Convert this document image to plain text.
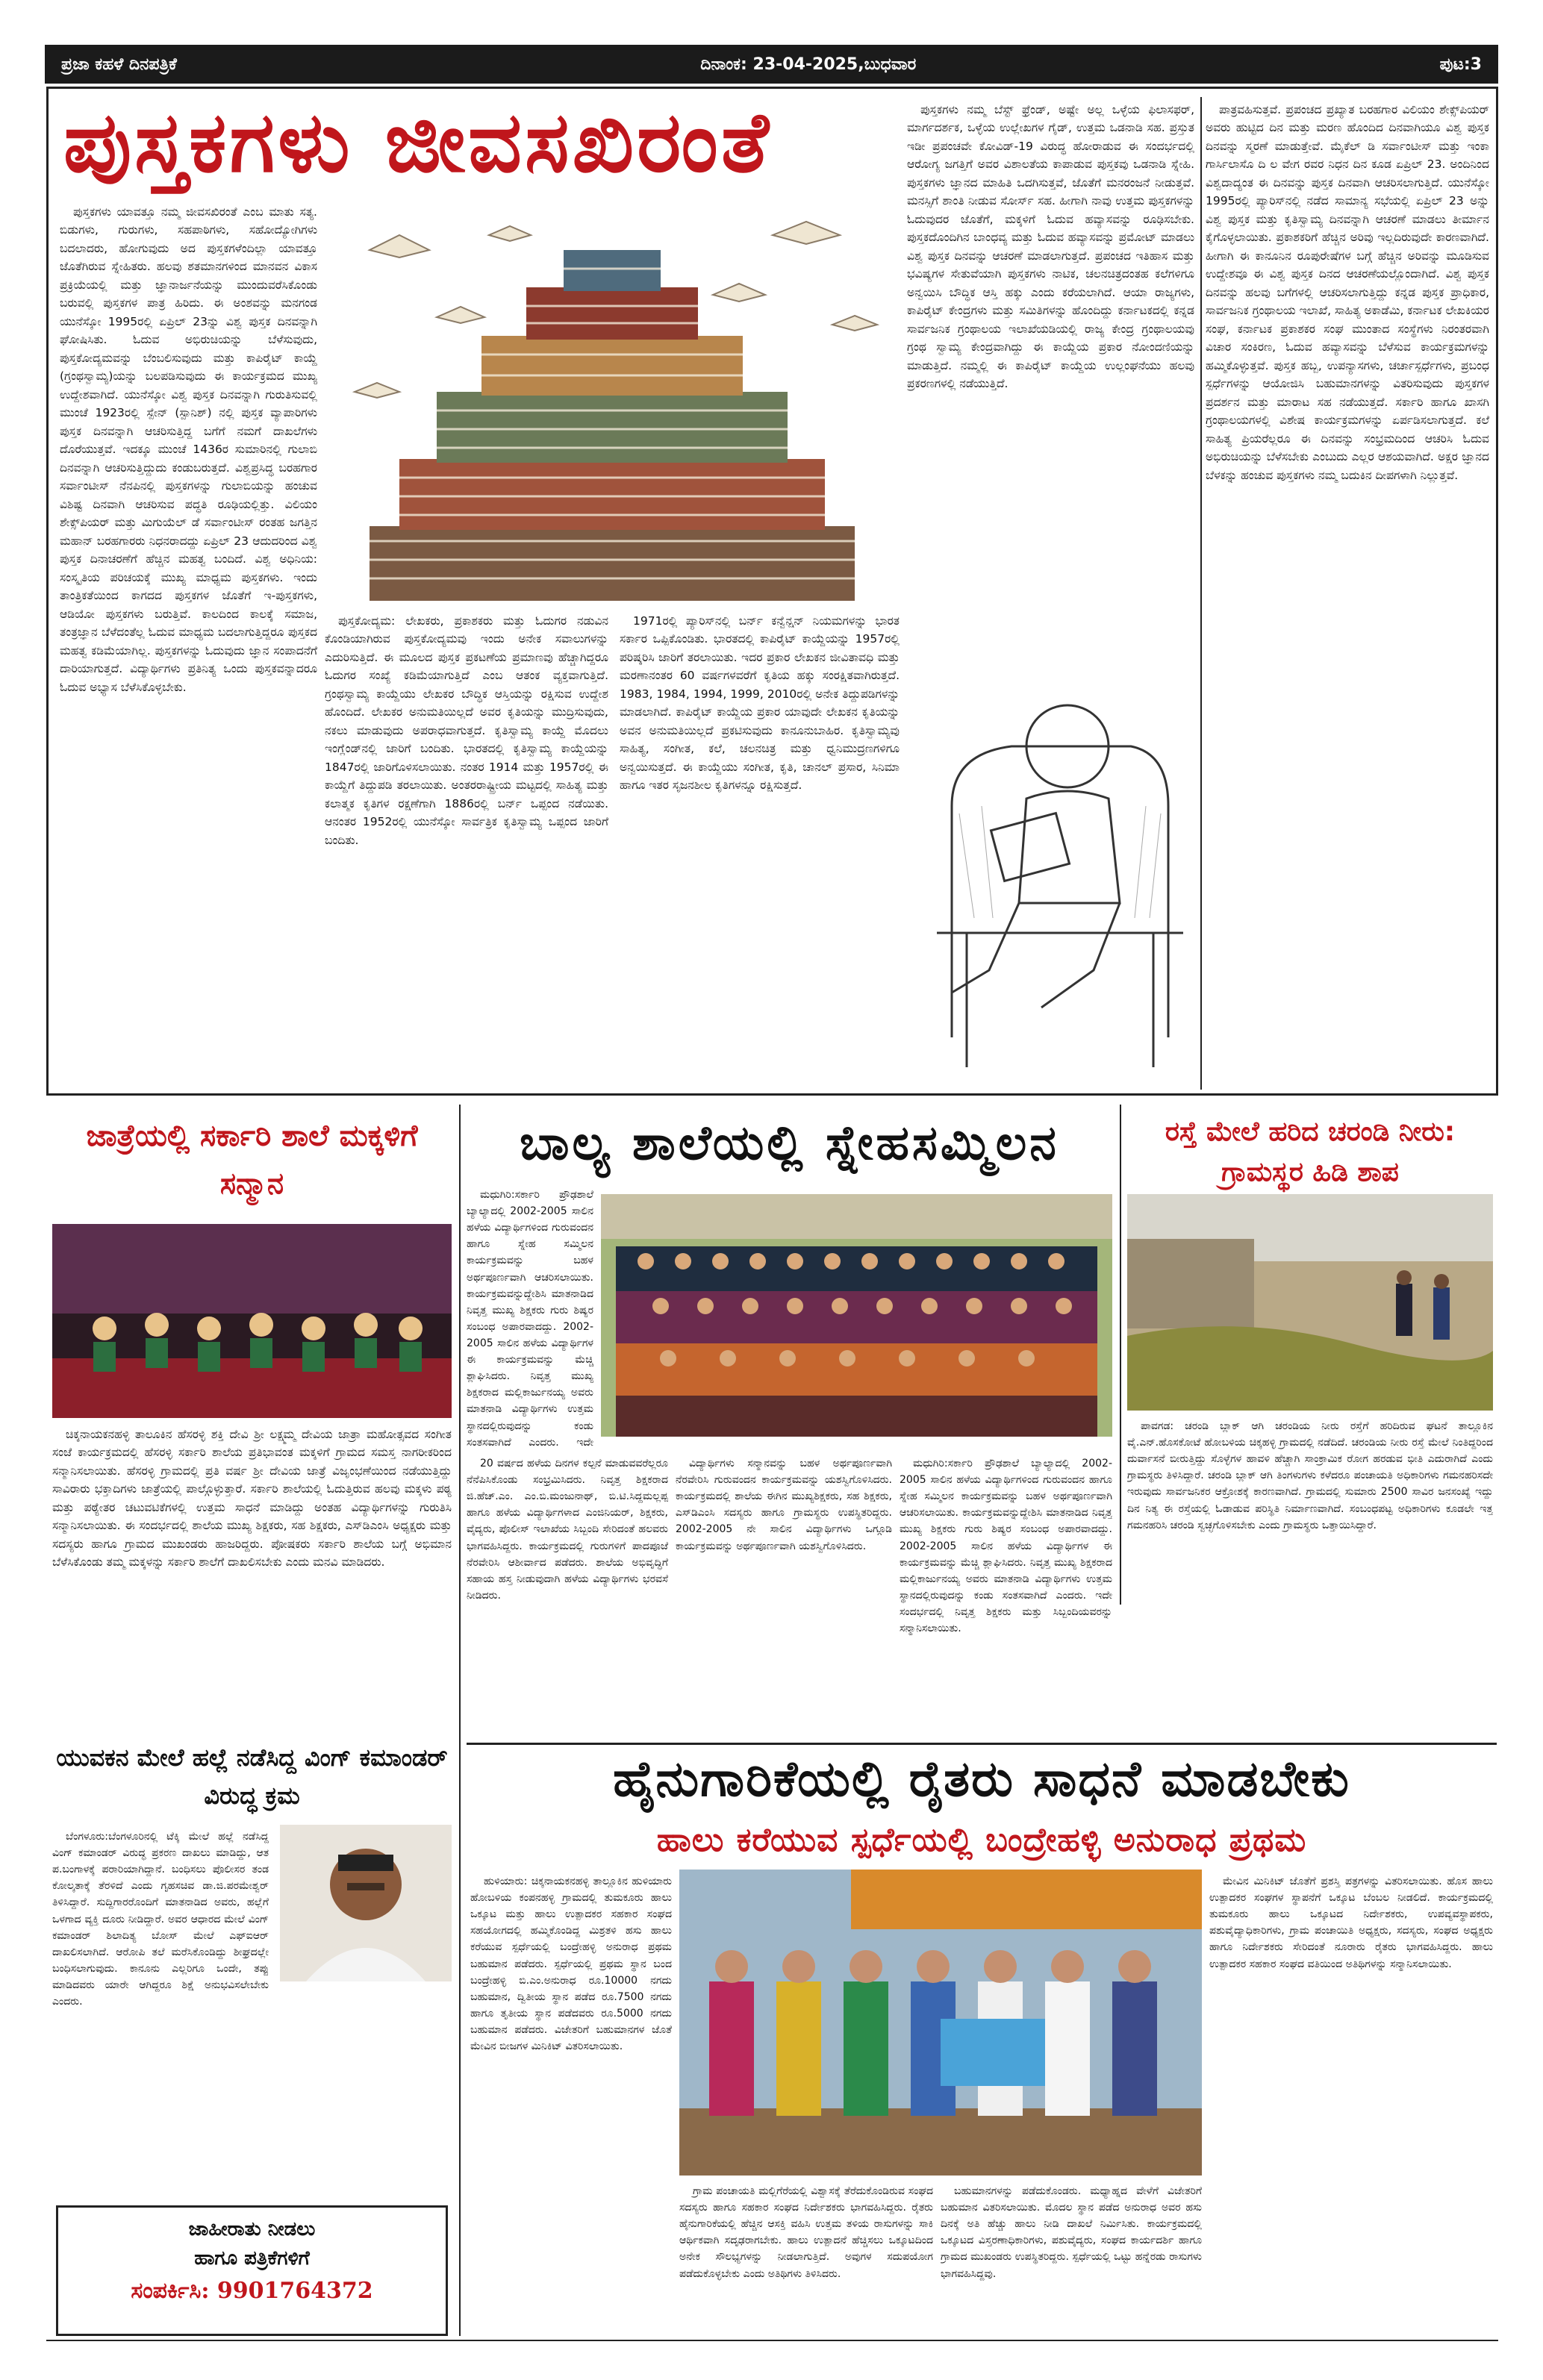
ಪ್ರಜಾ ಕಹಳೆ ದಿನಪತ್ರಿಕೆ	ದಿನಾಂಕ: 23-04-2025,ಬುಧವಾರ	ಪುಟ:3
ಪುಸ್ತಕಗಳು ಜೀವಸಖಿರಂತೆ

ಪುಸ್ತಕಗಳು ಯಾವತ್ತೂ ನಮ್ಮ ಜೀವಸಖಿರಂತೆ ಎಂಬ ಮಾತು ಸತ್ಯ. ಬಿಡುಗಳು, ಗುರುಗಳು, ಸಹಪಾಠಿಗಳು, ಸಹೋದ್ಯೋಗಿಗಳು ಬದಲಾದರು, ಹೋಗುವುದು ಅದ ಪುಸ್ತಕಗಳೆಂದಿಲ್ಲಾ ಯಾವತ್ತೂ ಜೊತೆಗಿರುವ ಸ್ನೇಹಿತರು. ಹಲವು ಶತಮಾನಗಳಿಂದ ಮಾನವನ ವಿಕಾಸ ಪ್ರಕ್ರಿಯೆಯಲ್ಲಿ ಮತ್ತು ಜ್ಞಾನಾರ್ಜನೆಯನ್ನು ಮುಂದುವರೆಸಿಕೊಂಡು ಬರುವಲ್ಲಿ ಪುಸ್ತಕಗಳ ಪಾತ್ರ ಹಿರಿದು. ಈ ಅಂಶವನ್ನು ಮನಗಂಡ ಯುನೆಸ್ಕೋ 1995ರಲ್ಲಿ ಏಪ್ರಿಲ್ 23ನ್ನು ವಿಶ್ವ ಪುಸ್ತಕ ದಿನವನ್ನಾಗಿ ಘೋಷಿಸಿತು. ಓದುವ ಅಭಿರುಚಿಯನ್ನು ಬೆಳೆಸುವುದು, ಪುಸ್ತಕೋದ್ಯಮವನ್ನು ಬೆಂಬಲಿಸುವುದು ಮತ್ತು ಕಾಪಿರೈಟ್ ಕಾಯ್ದೆ (ಗ್ರಂಥಸ್ವಾಮ್ಯ)ಯನ್ನು ಬಲಪಡಿಸುವುದು ಈ ಕಾರ್ಯಕ್ರಮದ ಮುಖ್ಯ ಉದ್ದೇಶವಾಗಿದೆ. ಯುನೆಸ್ಕೋ ವಿಶ್ವ ಪುಸ್ತಕ ದಿನವನ್ನಾಗಿ ಗುರುತಿಸುವಲ್ಲಿ ಮುಂಚೆ 1923ರಲ್ಲಿ ಸ್ಪೇನ್ (ಸ್ಪಾನಿಶ್) ನಲ್ಲಿ ಪುಸ್ತಕ ವ್ಯಾಪಾರಿಗಳು ಪುಸ್ತಕ ದಿನವನ್ನಾಗಿ ಆಚರಿಸುತ್ತಿದ್ದ ಬಗೆಗೆ ನಮಗೆ ದಾಖಲೆಗಳು ದೊರೆಯುತ್ತವೆ. ಇದಕ್ಕೂ ಮುಂಚೆ 1436ರ ಸುಮಾರಿನಲ್ಲಿ ಗುಲಾಬಿ ದಿನವನ್ನಾಗಿ ಆಚರಿಸುತ್ತಿದ್ದುದು ಕಂಡುಬರುತ್ತದೆ. ವಿಶ್ವಪ್ರಸಿದ್ಧ ಬರಹಗಾರ ಸರ್ವಾಂಟೀಸ್ ನೆನಪಿನಲ್ಲಿ ಪುಸ್ತಕಗಳನ್ನು ಗುಲಾಬಿಯನ್ನು ಹಂಚುವ ವಿಶಿಷ್ಟ ದಿನವಾಗಿ ಆಚರಿಸುವ ಪದ್ಧತಿ ರೂಢಿಯಲ್ಲಿತ್ತು. ವಿಲಿಯಂ ಶೇಕ್ಸ್‌ಪಿಯರ್ ಮತ್ತು ಮಿಗುಯೆಲ್ ಡೆ ಸರ್ವಾಂಟೀಸ್ ರಂತಹ ಜಗತ್ತಿನ ಮಹಾನ್ ಬರಹಗಾರರು ನಿಧನರಾದದ್ದು ಏಪ್ರಿಲ್ 23 ಆದುದರಿಂದ ವಿಶ್ವ ಪುಸ್ತಕ ದಿನಾಚರಣೆಗೆ ಹೆಚ್ಚಿನ ಮಹತ್ವ ಬಂದಿದೆ. ವಿಶ್ವ ಅಧಿನಿಯ: ಸಂಸ್ಕೃತಿಯ ಪರಿಚಯಕ್ಕೆ ಮುಖ್ಯ ಮಾಧ್ಯಮ ಪುಸ್ತಕಗಳು. ಇಂದು ತಾಂತ್ರಿಕತೆಯಿಂದ ಕಾಗದದ ಪುಸ್ತಕಗಳ ಜೊತೆಗೆ ಇ-ಪುಸ್ತಕಗಳು, ಆಡಿಯೋ ಪುಸ್ತಕಗಳು ಬರುತ್ತಿವೆ. ಕಾಲದಿಂದ ಕಾಲಕ್ಕೆ ಸಮಾಜ, ತಂತ್ರಜ್ಞಾನ ಬೆಳೆದಂತೆಲ್ಲ ಓದುವ ಮಾಧ್ಯಮ ಬದಲಾಗುತ್ತಿದ್ದರೂ ಪುಸ್ತಕದ ಮಹತ್ವ ಕಡಿಮೆಯಾಗಿಲ್ಲ. ಪುಸ್ತಕಗಳನ್ನು ಓದುವುದು ಜ್ಞಾನ ಸಂಪಾದನೆಗೆ ದಾರಿಯಾಗುತ್ತದೆ. ವಿದ್ಯಾರ್ಥಿಗಳು ಪ್ರತಿನಿತ್ಯ ಒಂದು ಪುಸ್ತಕವನ್ನಾದರೂ ಓದುವ ಅಭ್ಯಾಸ ಬೆಳೆಸಿಕೊಳ್ಳಬೇಕು.

ಪುಸ್ತಕೋದ್ಯಮ: ಲೇಖಕರು, ಪ್ರಕಾಶಕರು ಮತ್ತು ಓದುಗರ ನಡುವಿನ ಕೊಂಡಿಯಾಗಿರುವ ಪುಸ್ತಕೋದ್ಯಮವು ಇಂದು ಅನೇಕ ಸವಾಲುಗಳನ್ನು ಎದುರಿಸುತ್ತಿದೆ. ಈ ಮೂಲದ ಪುಸ್ತಕ ಪ್ರಕಟಣೆಯ ಪ್ರಮಾಣವು ಹೆಚ್ಚಾಗಿದ್ದರೂ ಓದುಗರ ಸಂಖ್ಯೆ ಕಡಿಮೆಯಾಗುತ್ತಿದೆ ಎಂಬ ಆತಂಕ ವ್ಯಕ್ತವಾಗುತ್ತಿದೆ. ಗ್ರಂಥಸ್ವಾಮ್ಯ ಕಾಯ್ದೆಯು ಲೇಖಕರ ಬೌದ್ಧಿಕ ಆಸ್ತಿಯನ್ನು ರಕ್ಷಿಸುವ ಉದ್ದೇಶ ಹೊಂದಿದೆ. ಲೇಖಕರ ಅನುಮತಿಯಿಲ್ಲದೆ ಅವರ ಕೃತಿಯನ್ನು ಮುದ್ರಿಸುವುದು, ನಕಲು ಮಾಡುವುದು ಅಪರಾಧವಾಗುತ್ತದೆ. ಕೃತಿಸ್ವಾಮ್ಯ ಕಾಯ್ದೆ ಮೊದಲು ಇಂಗ್ಲೆಂಡ್‌ನಲ್ಲಿ ಜಾರಿಗೆ ಬಂದಿತು. ಭಾರತದಲ್ಲಿ ಕೃತಿಸ್ವಾಮ್ಯ ಕಾಯ್ದೆಯನ್ನು 1847ರಲ್ಲಿ ಜಾರಿಗೊಳಿಸಲಾಯಿತು. ನಂತರ 1914 ಮತ್ತು 1957ರಲ್ಲಿ ಈ ಕಾಯ್ದೆಗೆ ತಿದ್ದುಪಡಿ ತರಲಾಯಿತು. ಅಂತರರಾಷ್ಟ್ರೀಯ ಮಟ್ಟದಲ್ಲಿ ಸಾಹಿತ್ಯ ಮತ್ತು ಕಲಾತ್ಮಕ ಕೃತಿಗಳ ರಕ್ಷಣೆಗಾಗಿ 1886ರಲ್ಲಿ ಬರ್ನ್ ಒಪ್ಪಂದ ನಡೆಯಿತು. ಆನಂತರ 1952ರಲ್ಲಿ ಯುನೆಸ್ಕೋ ಸಾರ್ವತ್ರಿಕ ಕೃತಿಸ್ವಾಮ್ಯ ಒಪ್ಪಂದ ಜಾರಿಗೆ ಬಂದಿತು.

1971ರಲ್ಲಿ ಪ್ಯಾರಿಸ್‌ನಲ್ಲಿ ಬರ್ನ್ ಕನ್ವೆನ್ಷನ್ ನಿಯಮಗಳನ್ನು ಭಾರತ ಸರ್ಕಾರ ಒಪ್ಪಿಕೊಂಡಿತು. ಭಾರತದಲ್ಲಿ ಕಾಪಿರೈಟ್ ಕಾಯ್ದೆಯನ್ನು 1957ರಲ್ಲಿ ಪರಿಷ್ಕರಿಸಿ ಜಾರಿಗೆ ತರಲಾಯಿತು. ಇದರ ಪ್ರಕಾರ ಲೇಖಕನ ಜೀವಿತಾವಧಿ ಮತ್ತು ಮರಣಾನಂತರ 60 ವರ್ಷಗಳವರೆಗೆ ಕೃತಿಯ ಹಕ್ಕು ಸಂರಕ್ಷಿತವಾಗಿರುತ್ತದೆ. 1983, 1984, 1994, 1999, 2010ರಲ್ಲಿ ಅನೇಕ ತಿದ್ದುಪಡಿಗಳನ್ನು ಮಾಡಲಾಗಿದೆ. ಕಾಪಿರೈಟ್ ಕಾಯ್ದೆಯ ಪ್ರಕಾರ ಯಾವುದೇ ಲೇಖಕನ ಕೃತಿಯನ್ನು ಅವನ ಅನುಮತಿಯಿಲ್ಲದೆ ಪ್ರಕಟಿಸುವುದು ಕಾನೂನುಬಾಹಿರ. ಕೃತಿಸ್ವಾಮ್ಯವು ಸಾಹಿತ್ಯ, ಸಂಗೀತ, ಕಲೆ, ಚಲನಚಿತ್ರ ಮತ್ತು ಧ್ವನಿಮುದ್ರಣಗಳಿಗೂ ಅನ್ವಯಿಸುತ್ತದೆ. ಈ ಕಾಯ್ದೆಯು ಸಂಗೀತ, ಕೃತಿ, ಚಾನಲ್ ಪ್ರಸಾರ, ಸಿನಿಮಾ ಹಾಗೂ ಇತರ ಸೃಜನಶೀಲ ಕೃತಿಗಳನ್ನೂ ರಕ್ಷಿಸುತ್ತದೆ.

ಪುಸ್ತಕಗಳು ನಮ್ಮ ಬೆಸ್ಟ್ ಫ್ರೆಂಡ್, ಅಷ್ಟೇ ಅಲ್ಲ ಒಳ್ಳೆಯ ಫಿಲಾಸಫರ್, ಮಾರ್ಗದರ್ಶಕ, ಒಳ್ಳೆಯ ಉಲ್ಲೇಖಗಳ ಗೈಡ್, ಉತ್ತಮ ಒಡನಾಡಿ ಸಹ. ಪ್ರಸ್ತುತ ಇಡೀ ಪ್ರಪಂಚವೇ ಕೋವಿಡ್-19 ವಿರುದ್ಧ ಹೋರಾಡುವ ಈ ಸಂದರ್ಭದಲ್ಲಿ ಆರೋಗ್ಯ ಜಗತ್ತಿಗೆ ಅವರ ವಿಶಾಲತೆಯ ಕಾಪಾಡುವ ಪುಸ್ತಕವು ಒಡನಾಡಿ ಸ್ನೇಹಿ. ಪುಸ್ತಕಗಳು ಜ್ಞಾನದ ಮಾಹಿತಿ ಒದಗಿಸುತ್ತವೆ, ಜೊತೆಗೆ ಮನರಂಜನೆ ನೀಡುತ್ತವೆ. ಮನಸ್ಸಿಗೆ ಶಾಂತಿ ನೀಡುವ ಸೋರ್ಸ್ ಸಹ. ಹೀಗಾಗಿ ನಾವು ಉತ್ತಮ ಪುಸ್ತಕಗಳನ್ನು ಓದುವುದರ ಜೊತೆಗೆ, ಮಕ್ಕಳಿಗೆ ಓದುವ ಹವ್ಯಾಸವನ್ನು ರೂಢಿಸಬೇಕು. ಪುಸ್ತಕದೊಂದಿಗಿನ ಬಾಂಧವ್ಯ ಮತ್ತು ಓದುವ ಹವ್ಯಾಸವನ್ನು ಪ್ರಮೋಟ್ ಮಾಡಲು ವಿಶ್ವ ಪುಸ್ತಕ ದಿನವನ್ನು ಆಚರಣೆ ಮಾಡಲಾಗುತ್ತದೆ. ಪ್ರಪಂಚದ ಇತಿಹಾಸ ಮತ್ತು ಭವಿಷ್ಯಗಳ ಸೇತುವೆಯಾಗಿ ಪುಸ್ತಕಗಳು ನಾಟಿಕ, ಚಲನಚಿತ್ರದಂತಹ ಕಲೆಗಳಿಗೂ ಅನ್ವಯಿಸಿ ಬೌದ್ಧಿಕ ಆಸ್ತಿ ಹಕ್ಕು ಎಂದು ಕರೆಯಲಾಗಿದೆ. ಆಯಾ ರಾಜ್ಯಗಳು, ಕಾಪಿರೈಟ್ ಕೇಂದ್ರಗಳು ಮತ್ತು ಸಮಿತಿಗಳನ್ನು ಹೊಂದಿದ್ದು ಕರ್ನಾಟಕದಲ್ಲಿ ಕನ್ನಡ ಸಾರ್ವಜನಿಕ ಗ್ರಂಥಾಲಯ ಇಲಾಖೆಯಡಿಯಲ್ಲಿ ರಾಜ್ಯ ಕೇಂದ್ರ ಗ್ರಂಥಾಲಯವು ಗ್ರಂಥ ಸ್ವಾಮ್ಯ ಕೇಂದ್ರವಾಗಿದ್ದು ಈ ಕಾಯ್ದೆಯ ಪ್ರಕಾರ ನೋಂದಣಿಯನ್ನು ಮಾಡುತ್ತಿದೆ. ನಮ್ಮಲ್ಲಿ ಈ ಕಾಪಿರೈಟ್ ಕಾಯ್ದೆಯ ಉಲ್ಲಂಘನೆಯು ಹಲವು ಪ್ರಕರಣಗಳಲ್ಲಿ ನಡೆಯುತ್ತಿದೆ.

ಪಾತ್ರವಹಿಸುತ್ತವೆ. ಪ್ರಪಂಚದ ಪ್ರಖ್ಯಾತ ಬರಹಗಾರ ವಿಲಿಯಂ ಶೇಕ್ಸ್‌ಪಿಯರ್ ಅವರು ಹುಟ್ಟಿದ ದಿನ ಮತ್ತು ಮರಣ ಹೊಂದಿದ ದಿನವಾಗಿಯೂ ವಿಶ್ವ ಪುಸ್ತಕ ದಿನವನ್ನು ಸ್ಮರಣೆ ಮಾಡುತ್ತೇವೆ. ಮೈಕೆಲ್ ಡಿ ಸರ್ವಾಂಟೀಸ್ ಮತ್ತು ಇಂಕಾ ಗಾರ್ಸಿಲಾಸೊ ದಿ ಲ ವೇಗ ರವರ ನಿಧನ ದಿನ ಕೂಡ ಏಪ್ರಿಲ್ 23. ಅಂದಿನಿಂದ ವಿಶ್ವದಾದ್ಯಂತ ಈ ದಿನವನ್ನು ಪುಸ್ತಕ ದಿನವಾಗಿ ಆಚರಿಸಲಾಗುತ್ತಿದೆ. ಯುನೆಸ್ಕೋ 1995ರಲ್ಲಿ ಪ್ಯಾರಿಸ್‌ನಲ್ಲಿ ನಡೆದ ಸಾಮಾನ್ಯ ಸಭೆಯಲ್ಲಿ ಏಪ್ರಿಲ್ 23 ಅನ್ನು ವಿಶ್ವ ಪುಸ್ತಕ ಮತ್ತು ಕೃತಿಸ್ವಾಮ್ಯ ದಿನವನ್ನಾಗಿ ಆಚರಣೆ ಮಾಡಲು ತೀರ್ಮಾನ ಕೈಗೊಳ್ಳಲಾಯಿತು. ಪ್ರಕಾಶಕರಿಗೆ ಹೆಚ್ಚಿನ ಅರಿವು ಇಲ್ಲದಿರುವುದೇ ಕಾರಣವಾಗಿದೆ. ಹೀಗಾಗಿ ಈ ಕಾನೂನಿನ ರೂಪುರೇಷೆಗಳ ಬಗ್ಗೆ ಹೆಚ್ಚಿನ ಅರಿವನ್ನು ಮೂಡಿಸುವ ಉದ್ದೇಶವೂ ಈ ವಿಶ್ವ ಪುಸ್ತಕ ದಿನದ ಆಚರಣೆಯಲ್ಲೊಂದಾಗಿದೆ. ವಿಶ್ವ ಪುಸ್ತಕ ದಿನವನ್ನು ಹಲವು ಬಗೆಗಳಲ್ಲಿ ಆಚರಿಸಲಾಗುತ್ತಿದ್ದು ಕನ್ನಡ ಪುಸ್ತಕ ಪ್ರಾಧಿಕಾರ, ಸಾರ್ವಜನಿಕ ಗ್ರಂಥಾಲಯ ಇಲಾಖೆ, ಸಾಹಿತ್ಯ ಅಕಾಡೆಮಿ, ಕರ್ನಾಟಕ ಲೇಖಕಿಯರ ಸಂಘ, ಕರ್ನಾಟಕ ಪ್ರಕಾಶಕರ ಸಂಘ ಮುಂತಾದ ಸಂಸ್ಥೆಗಳು ನಿರಂತರವಾಗಿ ವಿಚಾರ ಸಂಕಿರಣ, ಓದುವ ಹವ್ಯಾಸವನ್ನು ಬೆಳೆಸುವ ಕಾರ್ಯಕ್ರಮಗಳನ್ನು ಹಮ್ಮಿಕೊಳ್ಳುತ್ತವೆ. ಪುಸ್ತಕ ಹಬ್ಬ, ಉಪನ್ಯಾಸಗಳು, ಚರ್ಚಾಸ್ಪರ್ಧೆಗಳು, ಪ್ರಬಂಧ ಸ್ಪರ್ಧೆಗಳನ್ನು ಆಯೋಜಿಸಿ ಬಹುಮಾನಗಳನ್ನು ವಿತರಿಸುವುದು ಪುಸ್ತಕಗಳ ಪ್ರದರ್ಶನ ಮತ್ತು ಮಾರಾಟ ಸಹ ನಡೆಯುತ್ತದೆ. ಸರ್ಕಾರಿ ಹಾಗೂ ಖಾಸಗಿ ಗ್ರಂಥಾಲಯಗಳಲ್ಲಿ ವಿಶೇಷ ಕಾರ್ಯಕ್ರಮಗಳನ್ನು ಏರ್ಪಡಿಸಲಾಗುತ್ತದೆ. ಕಲೆ ಸಾಹಿತ್ಯ ಪ್ರಿಯರೆಲ್ಲರೂ ಈ ದಿನವನ್ನು ಸಂಭ್ರಮದಿಂದ ಆಚರಿಸಿ ಓದುವ ಅಭಿರುಚಿಯನ್ನು ಬೆಳೆಸಬೇಕು ಎಂಬುದು ಎಲ್ಲರ ಆಶಯವಾಗಿದೆ. ಅಕ್ಷರ ಜ್ಞಾನದ ಬೆಳಕನ್ನು ಹಂಚುವ ಪುಸ್ತಕಗಳು ನಮ್ಮ ಬದುಕಿನ ದೀಪಗಳಾಗಿ ನಿಲ್ಲುತ್ತವೆ.

ಜಾತ್ರೆಯಲ್ಲಿ ಸರ್ಕಾರಿ ಶಾಲೆ ಮಕ್ಕಳಿಗೆ ಸನ್ಮಾನ

ಚಿಕ್ಕನಾಯಕನಹಳ್ಳಿ ತಾಲೂಕಿನ ಹೆಸರಳ್ಳಿ ಶಕ್ತಿ ದೇವಿ ಶ್ರೀ ಲಕ್ಷ್ಮಮ್ಮ ದೇವಿಯ ಜಾತ್ರಾ ಮಹೋತ್ಸವದ ಸಂಗೀತ ಸಂಜೆ ಕಾರ್ಯಕ್ರಮದಲ್ಲಿ ಹೆಸರಳ್ಳಿ ಸರ್ಕಾರಿ ಶಾಲೆಯ ಪ್ರತಿಭಾವಂತ ಮಕ್ಕಳಿಗೆ ಗ್ರಾಮದ ಸಮಸ್ತ ನಾಗರೀಕರಿಂದ ಸನ್ಮಾನಿಸಲಾಯಿತು. ಹೆಸರಳ್ಳಿ ಗ್ರಾಮದಲ್ಲಿ ಪ್ರತಿ ವರ್ಷ ಶ್ರೀ ದೇವಿಯ ಜಾತ್ರೆ ವಿಜೃಂಭಣೆಯಿಂದ ನಡೆಯುತ್ತಿದ್ದು ಸಾವಿರಾರು ಭಕ್ತಾದಿಗಳು ಜಾತ್ರೆಯಲ್ಲಿ ಪಾಲ್ಗೊಳ್ಳುತ್ತಾರೆ. ಸರ್ಕಾರಿ ಶಾಲೆಯಲ್ಲಿ ಓದುತ್ತಿರುವ ಹಲವು ಮಕ್ಕಳು ಪಠ್ಯ ಮತ್ತು ಪಠ್ಯೇತರ ಚಟುವಟಿಕೆಗಳಲ್ಲಿ ಉತ್ತಮ ಸಾಧನೆ ಮಾಡಿದ್ದು ಅಂತಹ ವಿದ್ಯಾರ್ಥಿಗಳನ್ನು ಗುರುತಿಸಿ ಸನ್ಮಾನಿಸಲಾಯಿತು. ಈ ಸಂದರ್ಭದಲ್ಲಿ ಶಾಲೆಯ ಮುಖ್ಯ ಶಿಕ್ಷಕರು, ಸಹ ಶಿಕ್ಷಕರು, ಎಸ್‌ಡಿಎಂಸಿ ಅಧ್ಯಕ್ಷರು ಮತ್ತು ಸದಸ್ಯರು ಹಾಗೂ ಗ್ರಾಮದ ಮುಖಂಡರು ಹಾಜರಿದ್ದರು. ಪೋಷಕರು ಸರ್ಕಾರಿ ಶಾಲೆಯ ಬಗ್ಗೆ ಅಭಿಮಾನ ಬೆಳೆಸಿಕೊಂಡು ತಮ್ಮ ಮಕ್ಕಳನ್ನು ಸರ್ಕಾರಿ ಶಾಲೆಗೆ ದಾಖಲಿಸಬೇಕು ಎಂದು ಮನವಿ ಮಾಡಿದರು.

ಬಾಲ್ಯ ಶಾಲೆಯಲ್ಲಿ ಸ್ನೇಹಸಮ್ಮಿಲನ

ಮಧುಗಿರಿ:ಸರ್ಕಾರಿ ಪ್ರೌಢಶಾಲೆ ಬ್ಯಾಲ್ಯಾದಲ್ಲಿ 2002-2005 ಸಾಲಿನ ಹಳೆಯ ವಿದ್ಯಾರ್ಥಿಗಳಿಂದ ಗುರುವಂದನ ಹಾಗೂ ಸ್ನೇಹ ಸಮ್ಮಿಲನ ಕಾರ್ಯಕ್ರಮವನ್ನು ಬಹಳ ಅರ್ಥಪೂರ್ಣವಾಗಿ ಆಚರಿಸಲಾಯಿತು. ಕಾರ್ಯಕ್ರಮವನ್ನುದ್ದೇಶಿಸಿ ಮಾತನಾಡಿದ ನಿವೃತ್ತ ಮುಖ್ಯ ಶಿಕ್ಷಕರು ಗುರು ಶಿಷ್ಯರ ಸಂಬಂಧ ಅಪಾರವಾದದ್ದು. 2002-2005 ಸಾಲಿನ ಹಳೆಯ ವಿದ್ಯಾರ್ಥಿಗಳ ಈ ಕಾರ್ಯಕ್ರಮವನ್ನು ಮೆಚ್ಚಿ ಶ್ಲಾಘಿಸಿದರು. ನಿವೃತ್ತ ಮುಖ್ಯ ಶಿಕ್ಷಕರಾದ ಮಲ್ಲಿಕಾರ್ಜುನಯ್ಯ ಅವರು ಮಾತನಾಡಿ ವಿದ್ಯಾರ್ಥಿಗಳು ಉತ್ತಮ ಸ್ಥಾನದಲ್ಲಿರುವುದನ್ನು ಕಂಡು ಸಂತಸವಾಗಿದೆ ಎಂದರು. ಇದೇ

20 ವರ್ಷದ ಹಳೆಯ ದಿನಗಳ ಕಲ್ಪನೆ ಮಾಡುವವರೆಲ್ಲರೂ ನೆನೆಪಿಸಿಕೊಂಡು ಸಂಭ್ರಮಿಸಿದರು. ನಿವೃತ್ತ ಶಿಕ್ಷಕರಾದ ಜಿ.ಹೆಚ್.ಎಂ. ಎಂ.ಬಿ.ಮಂಜುನಾಥ್, ಬಿ.ಟಿ.ಸಿದ್ದಮಲ್ಲಪ್ಪ ಹಾಗೂ ಹಳೆಯ ವಿದ್ಯಾರ್ಥಿಗಳಾದ ಎಂಜಿನಿಯರ್, ಶಿಕ್ಷಕರು, ವೈದ್ಯರು, ಪೊಲೀಸ್ ಇಲಾಖೆಯ ಸಿಬ್ಬಂದಿ ಸೇರಿದಂತೆ ಹಲವರು ಭಾಗವಹಿಸಿದ್ದರು. ಕಾರ್ಯಕ್ರಮದಲ್ಲಿ ಗುರುಗಳಿಗೆ ಪಾದಪೂಜೆ ನೆರವೇರಿಸಿ ಆಶೀರ್ವಾದ ಪಡೆದರು. ಶಾಲೆಯ ಅಭಿವೃದ್ಧಿಗೆ ಸಹಾಯ ಹಸ್ತ ನೀಡುವುದಾಗಿ ಹಳೆಯ ವಿದ್ಯಾರ್ಥಿಗಳು ಭರವಸೆ ನೀಡಿದರು.

ವಿದ್ಯಾರ್ಥಿಗಳು ಸನ್ಮಾನವನ್ನು ಬಹಳ ಅರ್ಥಪೂರ್ಣವಾಗಿ ನೆರವೇರಿಸಿ ಗುರುವಂದನ ಕಾರ್ಯಕ್ರಮವನ್ನು ಯಶಸ್ವಿಗೊಳಿಸಿದರು. ಕಾರ್ಯಕ್ರಮದಲ್ಲಿ ಶಾಲೆಯ ಈಗಿನ ಮುಖ್ಯಶಿಕ್ಷಕರು, ಸಹ ಶಿಕ್ಷಕರು, ಎಸ್‌ಡಿಎಂಸಿ ಸದಸ್ಯರು ಹಾಗೂ ಗ್ರಾಮಸ್ಥರು ಉಪಸ್ಥಿತರಿದ್ದರು. 2002-2005 ನೇ ಸಾಲಿನ ವಿದ್ಯಾರ್ಥಿಗಳು ಒಗ್ಗೂಡಿ ಕಾರ್ಯಕ್ರಮವನ್ನು ಅರ್ಥಪೂರ್ಣವಾಗಿ ಯಶಸ್ವಿಗೊಳಿಸಿದರು.

ಮಧುಗಿರಿ:ಸರ್ಕಾರಿ ಪ್ರೌಢಶಾಲೆ ಬ್ಯಾಲ್ಯಾದಲ್ಲಿ 2002-2005 ಸಾಲಿನ ಹಳೆಯ ವಿದ್ಯಾರ್ಥಿಗಳಿಂದ ಗುರುವಂದನ ಹಾಗೂ ಸ್ನೇಹ ಸಮ್ಮಿಲನ ಕಾರ್ಯಕ್ರಮವನ್ನು ಬಹಳ ಅರ್ಥಪೂರ್ಣವಾಗಿ ಆಚರಿಸಲಾಯಿತು. ಕಾರ್ಯಕ್ರಮವನ್ನುದ್ದೇಶಿಸಿ ಮಾತನಾಡಿದ ನಿವೃತ್ತ ಮುಖ್ಯ ಶಿಕ್ಷಕರು ಗುರು ಶಿಷ್ಯರ ಸಂಬಂಧ ಅಪಾರವಾದದ್ದು. 2002-2005 ಸಾಲಿನ ಹಳೆಯ ವಿದ್ಯಾರ್ಥಿಗಳ ಈ ಕಾರ್ಯಕ್ರಮವನ್ನು ಮೆಚ್ಚಿ ಶ್ಲಾಘಿಸಿದರು. ನಿವೃತ್ತ ಮುಖ್ಯ ಶಿಕ್ಷಕರಾದ ಮಲ್ಲಿಕಾರ್ಜುನಯ್ಯ ಅವರು ಮಾತನಾಡಿ ವಿದ್ಯಾರ್ಥಿಗಳು ಉತ್ತಮ ಸ್ಥಾನದಲ್ಲಿರುವುದನ್ನು ಕಂಡು ಸಂತಸವಾಗಿದೆ ಎಂದರು. ಇದೇ ಸಂದರ್ಭದಲ್ಲಿ ನಿವೃತ್ತ ಶಿಕ್ಷಕರು ಮತ್ತು ಸಿಬ್ಬಂದಿಯವರನ್ನು ಸನ್ಮಾನಿಸಲಾಯಿತು.

ರಸ್ತೆ ಮೇಲೆ ಹರಿದ ಚರಂಡಿ ನೀರು: ಗ್ರಾಮಸ್ಥರ ಹಿಡಿ ಶಾಪ

ಪಾವಗಡ: ಚರಂಡಿ ಬ್ಲಾಕ್ ಆಗಿ ಚರಂಡಿಯ ನೀರು ರಸ್ತೆಗೆ ಹರಿದಿರುವ ಘಟನೆ ತಾಲ್ಲೂಕಿನ ವೈ.ಎನ್.ಹೊಸಕೋಟೆ ಹೋಬಳಿಯ ಚಿಕ್ಕಹಳ್ಳಿ ಗ್ರಾಮದಲ್ಲಿ ನಡೆದಿದೆ. ಚರಂಡಿಯ ನೀರು ರಸ್ತೆ ಮೇಲೆ ನಿಂತಿದ್ದರಿಂದ ದುರ್ವಾಸನೆ ಬೀರುತ್ತಿದ್ದು ಸೊಳ್ಳೆಗಳ ಹಾವಳಿ ಹೆಚ್ಚಾಗಿ ಸಾಂಕ್ರಾಮಿಕ ರೋಗ ಹರಡುವ ಭೀತಿ ಎದುರಾಗಿದೆ ಎಂದು ಗ್ರಾಮಸ್ಥರು ತಿಳಿಸಿದ್ದಾರೆ. ಚರಂಡಿ ಬ್ಲಾಕ್ ಆಗಿ ತಿಂಗಳುಗಳು ಕಳೆದರೂ ಪಂಚಾಯತಿ ಅಧಿಕಾರಿಗಳು ಗಮನಹರಿಸದೇ ಇರುವುದು ಸಾರ್ವಜನಿಕರ ಆಕ್ರೋಶಕ್ಕೆ ಕಾರಣವಾಗಿದೆ. ಗ್ರಾಮದಲ್ಲಿ ಸುಮಾರು 2500 ಸಾವಿರ ಜನಸಂಖ್ಯೆ ಇದ್ದು ದಿನ ನಿತ್ಯ ಈ ರಸ್ತೆಯಲ್ಲಿ ಓಡಾಡುವ ಪರಿಸ್ಥಿತಿ ನಿರ್ಮಾಣವಾಗಿದೆ. ಸಂಬಂಧಪಟ್ಟ ಅಧಿಕಾರಿಗಳು ಕೂಡಲೇ ಇತ್ತ ಗಮನಹರಿಸಿ ಚರಂಡಿ ಸ್ವಚ್ಛಗೊಳಿಸಬೇಕು ಎಂದು ಗ್ರಾಮಸ್ಥರು ಒತ್ತಾಯಿಸಿದ್ದಾರೆ.

ಯುವಕನ ಮೇಲೆ ಹಲ್ಲೆ ನಡೆಸಿದ್ದ ವಿಂಗ್ ಕಮಾಂಡರ್ ವಿರುದ್ಧ ಕ್ರಮ

ಬೆಂಗಳೂರು:ಬೆಂಗಳೂರಿನಲ್ಲಿ ಟೆಕ್ಕಿ ಮೇಲೆ ಹಲ್ಲೆ ನಡೆಸಿದ್ದ ವಿಂಗ್ ಕಮಾಂಡರ್ ವಿರುದ್ಧ ಪ್ರಕರಣ ದಾಖಲು ಮಾಡಿದ್ದು, ಆತ ಪ.ಬಂಗಾಳಕ್ಕೆ ಪರಾರಿಯಾಗಿದ್ದಾನೆ. ಬಂಧಿಸಲು ಪೊಲೀಸರ ತಂಡ ಕೋಲ್ಕತಾಕ್ಕೆ ತೆರಳಿದೆ ಎಂದು ಗೃಹಸಚಿವ ಡಾ.ಜಿ.ಪರಮೇಶ್ವರ್ ತಿಳಿಸಿದ್ದಾರೆ. ಸುದ್ದಿಗಾರರೊಂದಿಗೆ ಮಾತನಾಡಿದ ಅವರು, ಹಲ್ಲೆಗೆ ಒಳಗಾದ ವ್ಯಕ್ತಿ ದೂರು ನೀಡಿದ್ದಾರೆ. ಅವರ ಆಧಾರದ ಮೇಲೆ ವಿಂಗ್ ಕಮಾಂಡರ್ ಶಿಲಾದಿತ್ಯ ಬೋಸ್ ಮೇಲೆ ಎಫ್‌ಐಆರ್ ದಾಖಲಿಸಲಾಗಿದೆ. ಆರೋಪಿ ತಲೆ ಮರೆಸಿಕೊಂಡಿದ್ದು ಶೀಘ್ರದಲ್ಲೇ ಬಂಧಿಸಲಾಗುವುದು. ಕಾನೂನು ಎಲ್ಲರಿಗೂ ಒಂದೇ, ತಪ್ಪು ಮಾಡಿದವರು ಯಾರೇ ಆಗಿದ್ದರೂ ಶಿಕ್ಷೆ ಅನುಭವಿಸಲೇಬೇಕು ಎಂದರು.

ಜಾಹೀರಾತು ನೀಡಲು
ಹಾಗೂ ಪತ್ರಿಕೆಗಳಿಗೆ
ಸಂಪರ್ಕಿಸಿ: 9901764372
ಹೈನುಗಾರಿಕೆಯಲ್ಲಿ ರೈತರು ಸಾಧನೆ ಮಾಡಬೇಕು
ಹಾಲು ಕರೆಯುವ ಸ್ಪರ್ಧೆಯಲ್ಲಿ ಬಂದ್ರೇಹಳ್ಳಿ ಅನುರಾಧ ಪ್ರಥಮ

ಹುಳಿಯಾರು: ಚಿಕ್ಕನಾಯಕನಹಳ್ಳಿ ತಾಲ್ಲೂಕಿನ ಹುಳಿಯಾರು ಹೋಬಳಿಯ ಕಂಪನಹಳ್ಳಿ ಗ್ರಾಮದಲ್ಲಿ ತುಮಕೂರು ಹಾಲು ಒಕ್ಕೂಟ ಮತ್ತು ಹಾಲು ಉತ್ಪಾದಕರ ಸಹಕಾರ ಸಂಘದ ಸಹಯೋಗದಲ್ಲಿ ಹಮ್ಮಿಕೊಂಡಿದ್ದ ಮಿಶ್ರತಳಿ ಹಸು ಹಾಲು ಕರೆಯುವ ಸ್ಪರ್ಧೆಯಲ್ಲಿ ಬಂದ್ರೇಹಳ್ಳಿ ಅನುರಾಧ ಪ್ರಥಮ ಬಹುಮಾನ ಪಡೆದರು. ಸ್ಪರ್ಧೆಯಲ್ಲಿ ಪ್ರಥಮ ಸ್ಥಾನ ಬಂದ ಬಂದ್ರೇಹಳ್ಳಿ ಬಿ.ಎಂ.ಅನುರಾಧ ರೂ.10000 ನಗದು ಬಹುಮಾನ, ದ್ವಿತೀಯ ಸ್ಥಾನ ಪಡೆದ ರೂ.7500 ನಗದು ಹಾಗೂ ತೃತೀಯ ಸ್ಥಾನ ಪಡೆದವರು ರೂ.5000 ನಗದು ಬಹುಮಾನ ಪಡೆದರು. ವಿಜೇತರಿಗೆ ಬಹುಮಾನಗಳ ಜೊತೆ ಮೇವಿನ ಬೀಜಗಳ ಮಿನಿಕಿಟ್ ವಿತರಿಸಲಾಯಿತು.

ಗ್ರಾಮ ಪಂಚಾಯತಿ ಮಲ್ಲಿಗೆರೆಯಲ್ಲಿ ವಿಶ್ವಾಸಕ್ಕೆ ತೆರೆದುಕೊಂಡಿರುವ ಸಂಘದ ಸದಸ್ಯರು ಹಾಗೂ ಸಹಕಾರ ಸಂಘದ ನಿರ್ದೇಶಕರು ಭಾಗವಹಿಸಿದ್ದರು. ರೈತರು ಹೈನುಗಾರಿಕೆಯಲ್ಲಿ ಹೆಚ್ಚಿನ ಆಸಕ್ತಿ ವಹಿಸಿ ಉತ್ತಮ ತಳಿಯ ರಾಸುಗಳನ್ನು ಸಾಕಿ ಆರ್ಥಿಕವಾಗಿ ಸದೃಢರಾಗಬೇಕು. ಹಾಲು ಉತ್ಪಾದನೆ ಹೆಚ್ಚಿಸಲು ಒಕ್ಕೂಟದಿಂದ ಅನೇಕ ಸೌಲಭ್ಯಗಳನ್ನು ನೀಡಲಾಗುತ್ತಿದೆ. ಅವುಗಳ ಸದುಪಯೋಗ ಪಡೆದುಕೊಳ್ಳಬೇಕು ಎಂದು ಅತಿಥಿಗಳು ತಿಳಿಸಿದರು.

ಬಹುಮಾನಗಳನ್ನು ಪಡೆದುಕೊಂಡರು. ಮಧ್ಯಾಹ್ನದ ವೇಳೆಗೆ ವಿಜೇತರಿಗೆ ಬಹುಮಾನ ವಿತರಿಸಲಾಯಿತು. ಮೊದಲ ಸ್ಥಾನ ಪಡೆದ ಅನುರಾಧ ಅವರ ಹಸು ದಿನಕ್ಕೆ ಅತಿ ಹೆಚ್ಚು ಹಾಲು ನೀಡಿ ದಾಖಲೆ ನಿರ್ಮಿಸಿತು. ಕಾರ್ಯಕ್ರಮದಲ್ಲಿ ಒಕ್ಕೂಟದ ವಿಸ್ತರಣಾಧಿಕಾರಿಗಳು, ಪಶುವೈದ್ಯರು, ಸಂಘದ ಕಾರ್ಯದರ್ಶಿ ಹಾಗೂ ಗ್ರಾಮದ ಮುಖಂಡರು ಉಪಸ್ಥಿತರಿದ್ದರು. ಸ್ಪರ್ಧೆಯಲ್ಲಿ ಒಟ್ಟು ಹನ್ನೆರಡು ರಾಸುಗಳು ಭಾಗವಹಿಸಿದ್ದವು.

ಮೇವಿನ ಮಿನಿಕಿಟ್ ಜೊತೆಗೆ ಪ್ರಶಸ್ತಿ ಪತ್ರಗಳನ್ನು ವಿತರಿಸಲಾಯಿತು. ಹೊಸ ಹಾಲು ಉತ್ಪಾದಕರ ಸಂಘಗಳ ಸ್ಥಾಪನೆಗೆ ಒಕ್ಕೂಟ ಬೆಂಬಲ ನೀಡಲಿದೆ. ಕಾರ್ಯಕ್ರಮದಲ್ಲಿ ತುಮಕೂರು ಹಾಲು ಒಕ್ಕೂಟದ ನಿರ್ದೇಶಕರು, ಉಪವ್ಯವಸ್ಥಾಪಕರು, ಪಶುವೈದ್ಯಾಧಿಕಾರಿಗಳು, ಗ್ರಾಮ ಪಂಚಾಯಿತಿ ಅಧ್ಯಕ್ಷರು, ಸದಸ್ಯರು, ಸಂಘದ ಅಧ್ಯಕ್ಷರು ಹಾಗೂ ನಿರ್ದೇಶಕರು ಸೇರಿದಂತೆ ನೂರಾರು ರೈತರು ಭಾಗವಹಿಸಿದ್ದರು. ಹಾಲು ಉತ್ಪಾದಕರ ಸಹಕಾರ ಸಂಘದ ವತಿಯಿಂದ ಅತಿಥಿಗಳನ್ನು ಸನ್ಮಾನಿಸಲಾಯಿತು.
